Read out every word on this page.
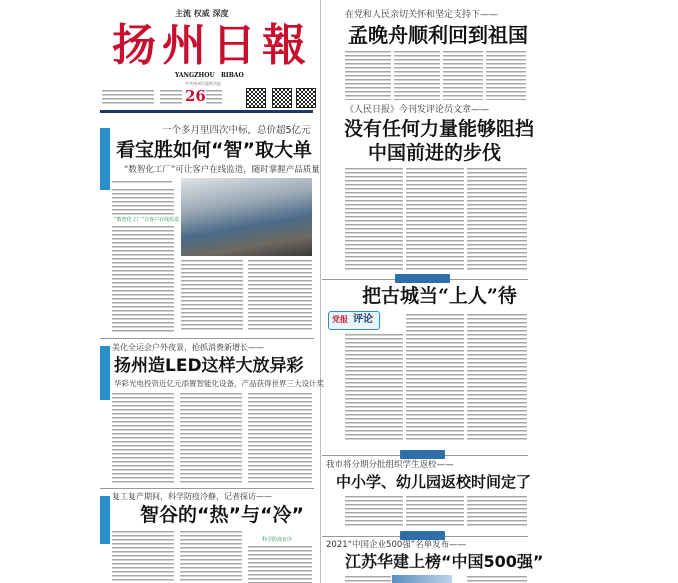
主流 权威 深度
扬州日報
YANGZHOU   RIBAO
中共扬州市委机关报
26
一个多月里四次中标，总价超5亿元
看宝胜如何“智”取大单
“数智化工厂”可让客户在线监造，随时掌握产品质量
“数智化工厂”让客户在线监造
美化全运会户外夜景，抢抓消费新增长——
扬州造LED这样大放异彩
华彩光电投资近亿元添置智能化设备，产品获得世界三大设计奖
复工复产期间，科学防疫冷静，记者探访——
智谷的“热”与“冷”
科学防疫有序
在党和人民亲切关怀和坚定支持下——
孟晚舟顺利回到祖国
《人民日报》今刊发评论员文章——
没有任何力量能够阻挡
中国前进的步伐
把古城当“上人”待
党报 评论
我市将分期分批组织学生返校——
中小学、幼儿园返校时间定了
2021“中国企业500强”名单发布——
江苏华建上榜“中国500强”
